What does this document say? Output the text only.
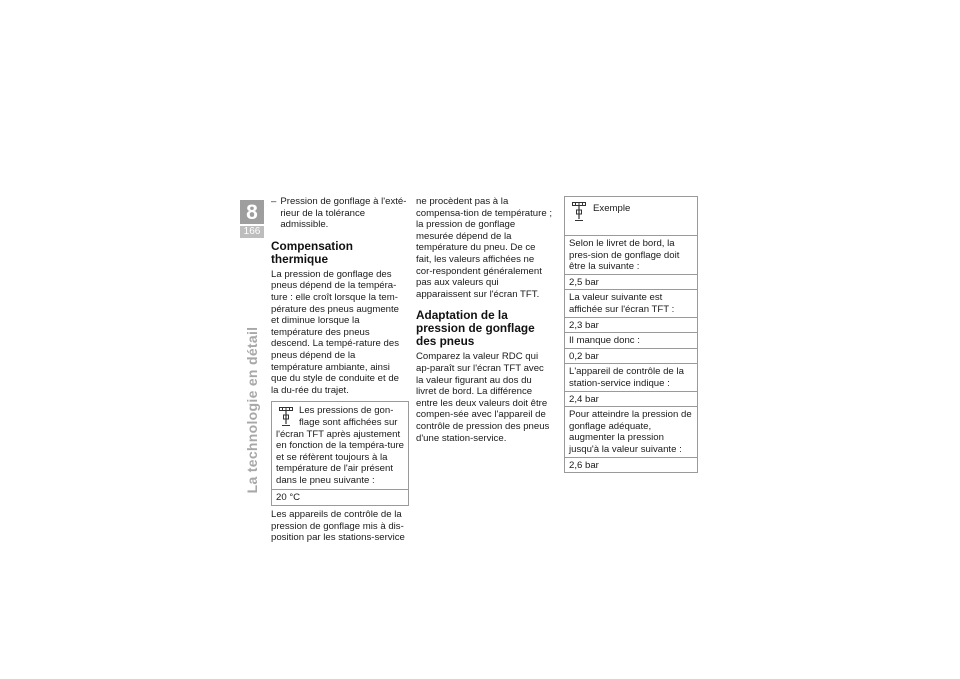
8
166
La technologie en détail
– Pression de gonflage à l'exté-rieur de la tolérance admissible.
Compensation thermique

La pression de gonflage des pneus dépend de la tempéra-ture : elle croît lorsque la tem-pérature des pneus augmente et diminue lorsque la température des pneus descend. La tempé-rature des pneus dépend de la température ambiante, ainsi que du style de conduite et de la du-rée du trajet.

Les pressions de gon-flage sont affichées sur l'écran TFT après ajustement en fonction de la tempéra-ture et se réfèrent toujours à la température de l'air présent dans le pneu suivante :
20 °C

Les appareils de contrôle de la pression de gonflage mis à dis-position par les stations-service

ne procèdent pas à la compensa-tion de température ; la pression de gonflage mesurée dépend de la température du pneu. De ce fait, les valeurs affichées ne cor-respondent généralement pas aux valeurs qui apparaissent sur l'écran TFT.

Adaptation de la pression de gonflage des pneus

Comparez la valeur RDC qui ap-paraît sur l'écran TFT avec la valeur figurant au dos du livret de bord. La différence entre les deux valeurs doit être compen-sée avec l'appareil de contrôle de pression des pneus d'une station-service.

Exemple
Selon le livret de bord, la pres-sion de gonflage doit être la suivante :
2,5 bar
La valeur suivante est affichée sur l'écran TFT :
2,3 bar
Il manque donc :
0,2 bar
L'appareil de contrôle de la station-service indique :
2,4 bar
Pour atteindre la pression de gonflage adéquate, augmenter la pression jusqu'à la valeur suivante :
2,6 bar
